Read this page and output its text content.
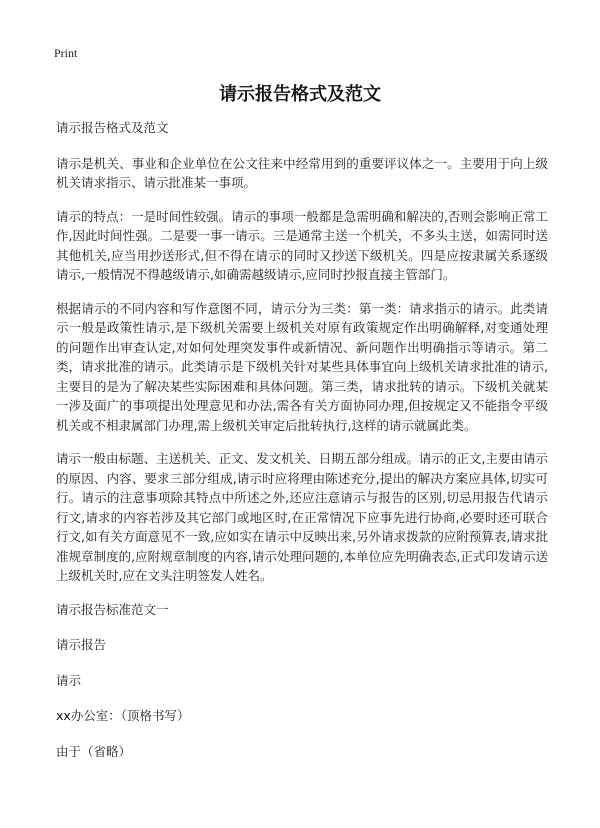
Print
请示报告格式及范文

请示报告格式及范文

请示是机关、事业和企业单位在公文往来中经常用到的重要评议体之一。主要用于向上级机关请求指示、请示批准某一事项。

请示的特点：一是时间性较强。请示的事项一般都是急需明确和解决的,否则会影响正常工作,因此时间性强。二是要一事一请示。三是通常主送一个机关，不多头主送，如需同时送其他机关,应当用抄送形式,但不得在请示的同时又抄送下级机关。四是应按隶属关系逐级请示,一般情况不得越级请示,如确需越级请示,应同时抄报直接主管部门。

根据请示的不同内容和写作意图不同，请示分为三类：第一类：请求指示的请示。此类请示一般是政策性请示,是下级机关需要上级机关对原有政策规定作出明确解释,对变通处理的问题作出审查认定,对如何处理突发事件或新情况、新问题作出明确指示等请示。第二类，请求批准的请示。此类请示是下级机关针对某些具体事宜向上级机关请求批准的请示,主要目的是为了解决某些实际困难和具体问题。第三类，请求批转的请示。下级机关就某一涉及面广的事项提出处理意见和办法,需各有关方面协同办理,但按规定又不能指令平级机关或不相隶属部门办理,需上级机关审定后批转执行,这样的请示就属此类。

请示一般由标题、主送机关、正文、发文机关、日期五部分组成。请示的正文,主要由请示的原因、内容、要求三部分组成,请示时应将理由陈述充分,提出的解决方案应具体,切实可行。请示的注意事项除其特点中所述之外,还应注意请示与报告的区别,切忌用报告代请示行文,请求的内容若涉及其它部门或地区时,在正常情况下应事先进行协商,必要时还可联合行文,如有关方面意见不一致,应如实在请示中反映出来,另外请求拨款的应附预算表,请求批准规章制度的,应附规章制度的内容,请示处理问题的,本单位应先明确表态,正式印发请示送上级机关时,应在文头注明签发人姓名。

请示报告标准范文一

请示报告

请示

xx办公室：（顶格书写）

由于（省略）
